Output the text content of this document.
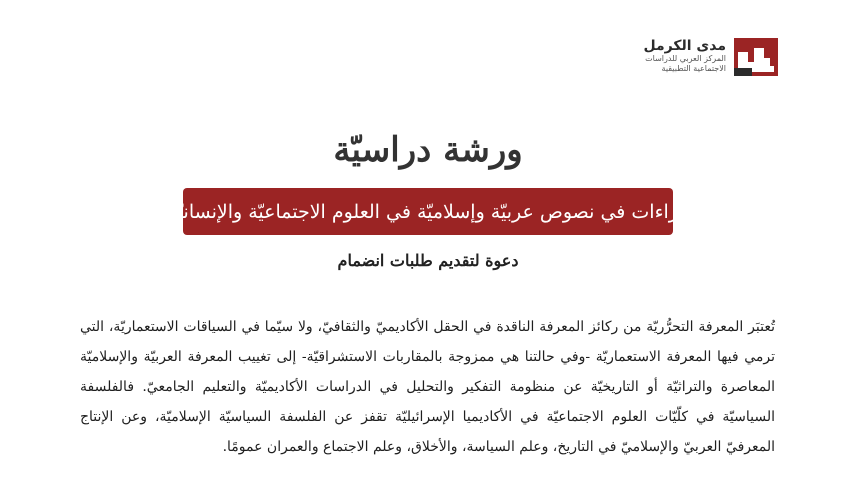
مدى الكرمل
المركز العربي للدراسات
الاجتماعية التطبيقية
ورشة دراسيّة
قراءات في نصوص عربيّة وإسلاميّة في العلوم الاجتماعيّة والإنسانيّة
دعوة لتقديم طلبات انضمام
تُعتبَر المعرفة التحرُّريّة من ركائز المعرفة الناقدة في الحقل الأكاديميّ والثقافيّ، ولا سيّما في السياقات الاستعماريّة، التي ترمي فيها المعرفة الاستعماريّة -وفي حالتنا هي ممزوجة بالمقاربات الاستشراقيّة- إلى تغييب المعرفة العربيّة والإسلاميّة المعاصرة والتراثيّة أو التاريخيّة عن منظومة التفكير والتحليل في الدراسات الأكاديميّة والتعليم الجامعيّ. فالفلسفة السياسيّة في كلّيّات العلوم الاجتماعيّة في الأكاديميا الإسرائيليّة تقفز عن الفلسفة السياسيّة الإسلاميّة، وعن الإنتاج المعرفيّ العربيّ والإسلاميّ في التاريخ، وعلم السياسة، والأخلاق، وعلم الاجتماع والعمران عمومًا.
